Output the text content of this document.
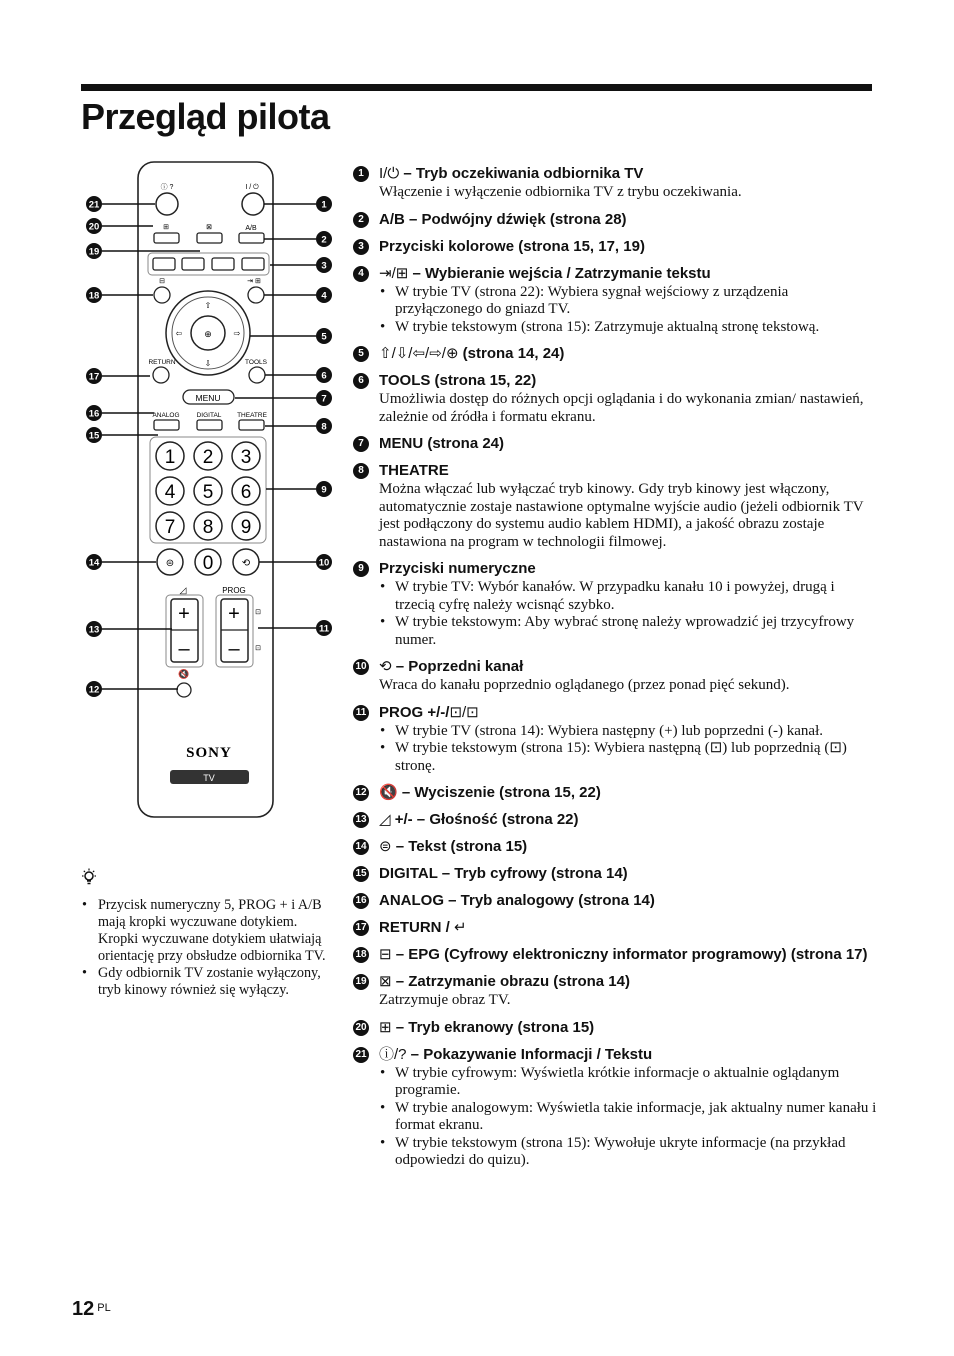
Przegląd pilota
ⓘ ?	I / ⏻
⊞	⊠	A/B
⊟	⇥ ⊞
⊕
⇧
⇩
⇦	⇨
RETURN	TOOLS
MENU
ANALOG	DIGITAL THEATRE
1 2 3
4 5 6
7 8 9
⊜ 0	⟲
◿	PROG
+
–
+
–
⊡
⊡
🔇
SONY
TV
21
20
19
18
17
16
15
14
13
12
1
2
3
4
5
6
7
8
9
10
11
• Przycisk numeryczny 5, PROG + i A/B mają kropki wyczuwane dotykiem. Kropki wyczuwane dotykiem ułatwiają orientację przy obsłudze odbiornika TV.
• Gdy odbiornik TV zostanie wyłączony, tryb kinowy również się wyłączy.
1	I/⏻ – Tryb oczekiwania odbiornika TV
Włączenie i wyłączenie odbiornika TV z trybu oczekiwania.
2	A/B – Podwójny dźwięk (strona 28)
3	Przyciski kolorowe (strona 15, 17, 19)
4	⇥/⊞ – Wybieranie wejścia / Zatrzymanie tekstu
• W trybie TV (strona 22): Wybiera sygnał wejściowy z urządzenia przyłączonego do gniazd TV.
• W trybie tekstowym (strona 15): Zatrzymuje aktualną stronę tekstową.
5	⇧/⇩/⇦/⇨/⊕ (strona 14, 24)
6	TOOLS (strona 15, 22)
Umożliwia dostęp do różnych opcji oglądania i do wykonania zmian/ nastawień, zależnie od źródła i formatu ekranu.
7	MENU (strona 24)
8	THEATRE
Można włączać lub wyłączać tryb kinowy. Gdy tryb kinowy jest włączony, automatycznie zostaje nastawione optymalne wyjście audio (jeżeli odbiornik TV jest podłączony do systemu audio kablem HDMI), a jakość obrazu zostaje nastawiona na program w technologii filmowej.
9	Przyciski numeryczne
• W trybie TV: Wybór kanałów. W przypadku kanału 10 i powyżej, drugą i trzecią cyfrę należy wcisnąć szybko.
• W trybie tekstowym: Aby wybrać stronę należy wprowadzić jej trzycyfrowy numer.
10 ⟲ – Poprzedni kanał
Wraca do kanału poprzednio oglądanego (przez ponad pięć sekund).
11 PROG +/-/⊡/⊡
• W trybie TV (strona 14): Wybiera następny (+) lub poprzedni (-) kanał.
• W trybie tekstowym (strona 15): Wybiera następną (⊡) lub poprzednią (⊡) stronę.
12 🔇 – Wyciszenie (strona 15, 22)
13 ◿ +/- – Głośność (strona 22)
14 ⊜ – Tekst (strona 15)
15 DIGITAL – Tryb cyfrowy (strona 14)
16 ANALOG – Tryb analogowy (strona 14)
17 RETURN / ↵
18 ⊟ – EPG (Cyfrowy elektroniczny informator programowy) (strona 17)
19 ⊠ – Zatrzymanie obrazu (strona 14)
Zatrzymuje obraz TV.
20 ⊞ – Tryb ekranowy (strona 15)
21 ⓘ/? – Pokazywanie Informacji / Tekstu
• W trybie cyfrowym: Wyświetla krótkie informacje o aktualnie oglądanym programie.
• W trybie analogowym: Wyświetla takie informacje, jak aktualny numer kanału i format ekranu.
• W trybie tekstowym (strona 15): Wywołuje ukryte informacje (na przykład odpowiedzi do quizu).
12 $^{PL}$
